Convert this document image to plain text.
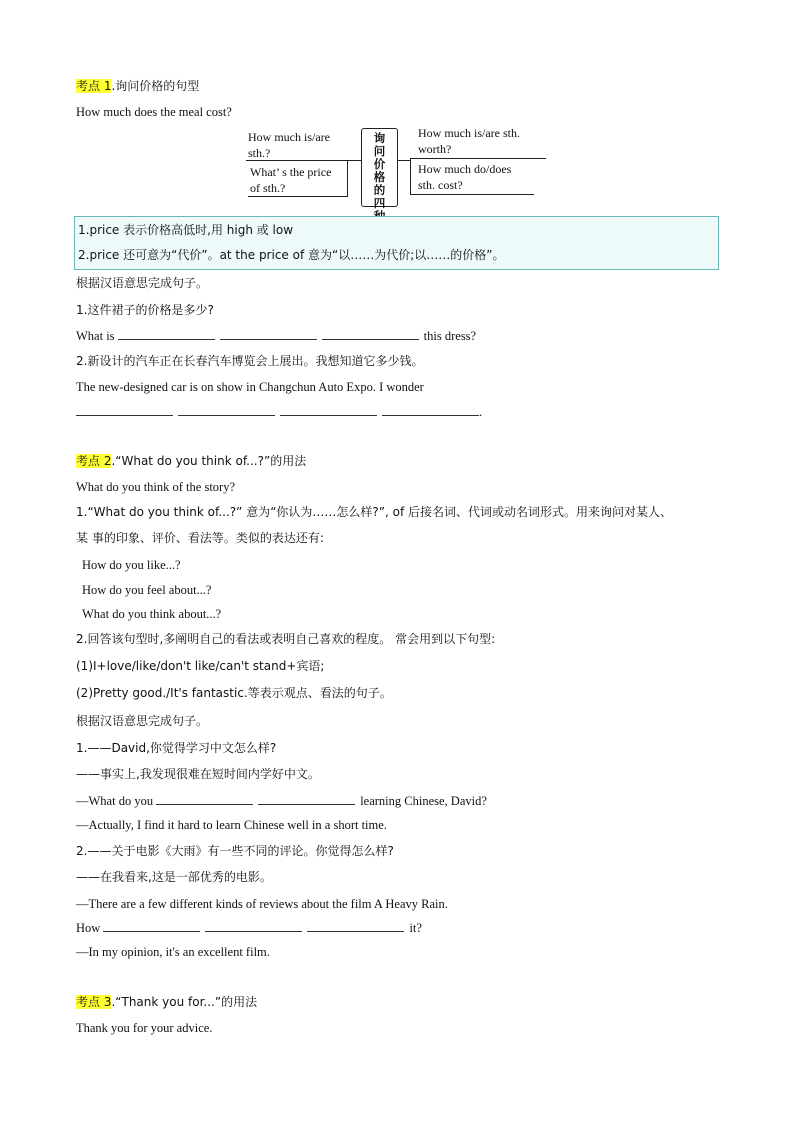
考点 1.询问价格的句型
How much does the meal cost?
How much is/are
sth.?
What’ s the price
of sth.?
询问价格的四
How much is/are sth.
worth?
How much do/does
sth. cost?
1.price 表示价格高低时,用 high 或 low
2.price 还可意为“代价”。at the price of 意为“以……为代价;以……的价格”。
根据汉语意思完成句子。
1.这件裙子的价格是多少?
What is	this dress?
2.新设计的汽车正在长春汽车博览会上展出。我想知道它多少钱。
The new-designed car is on show in Changchun Auto Expo. I wonder
.
考点 2.“What do you think of...?”的用法
What do you think of the story?
1.“What do you think of...?” 意为“你认为……怎么样?”, of 后接名词、代词或动名词形式。用来询问对某人、
某 事的印象、评价、看法等。类似的表达还有:
How do you like...?
How do you feel about...?
What do you think about...?
2.回答该句型时,多阐明自己的看法或表明自己喜欢的程度。 常会用到以下句型:
(1)I+love/like/don't like/can't stand+宾语;
(2)Pretty good./It's fantastic.等表示观点、看法的句子。
根据汉语意思完成句子。
1.——David,你觉得学习中文怎么样?
——事实上,我发现很难在短时间内学好中文。
—What do you	learning Chinese, David?
—Actually, I find it hard to learn Chinese well in a short time.
2.——关于电影《大雨》有一些不同的评论。你觉得怎么样?
——在我看来,这是一部优秀的电影。
—There are a few different kinds of reviews about the film A Heavy Rain.
How	it?
—In my opinion, it's an excellent film.
考点 3.“Thank you for...”的用法
Thank you for your advice.
